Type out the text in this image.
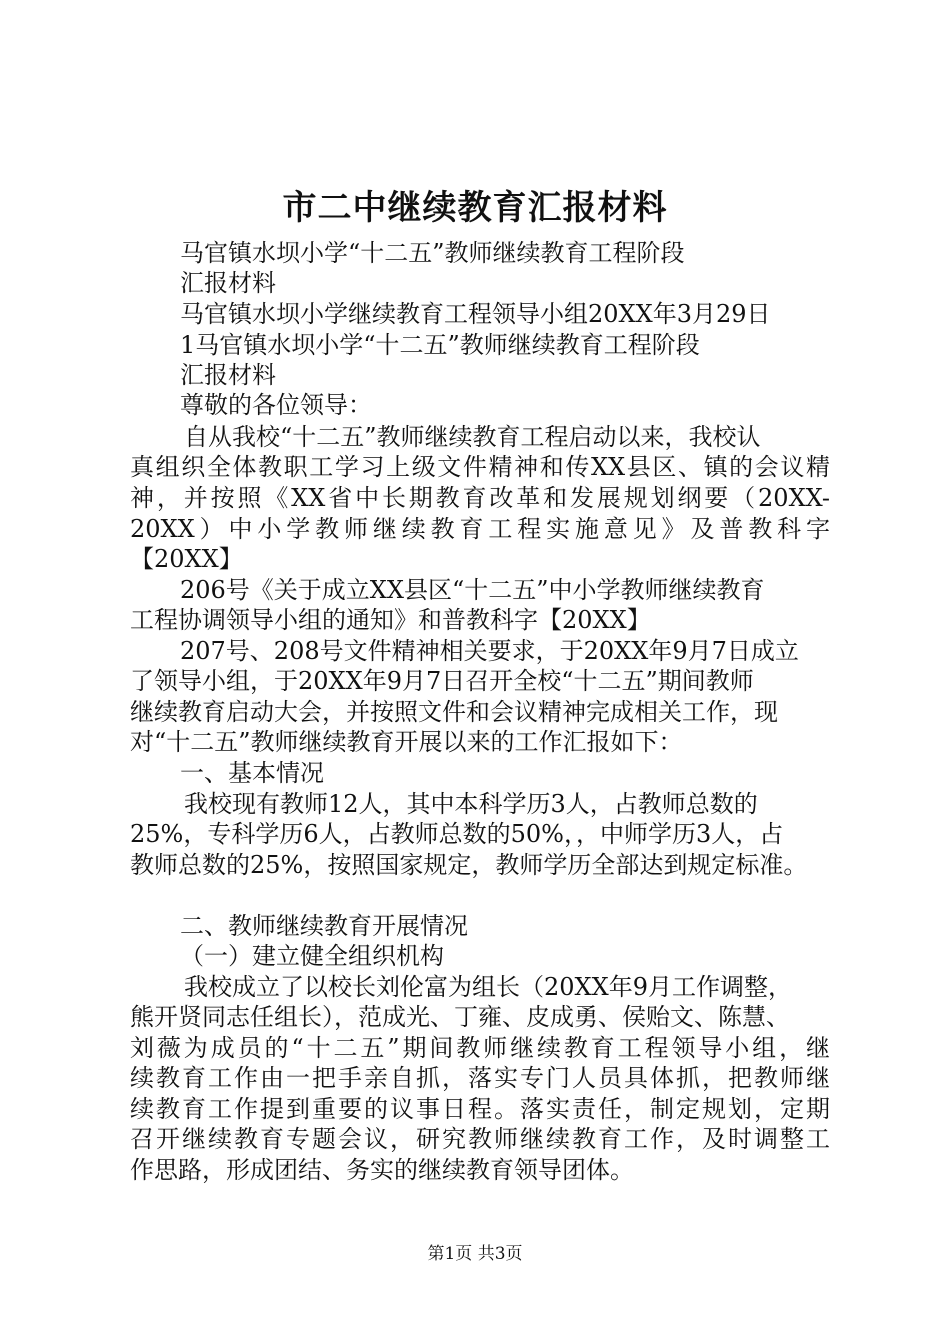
市二中继续教育汇报材料
马官镇水坝小学“十二五”教师继续教育工程阶段
汇报材料
马官镇水坝小学继续教育工程领导小组20XX年3月29日
1马官镇水坝小学“十二五”教师继续教育工程阶段
汇报材料
尊敬的各位领导：
自从我校“十二五”教师继续教育工程启动以来，我校认
真组织全体教职工学习上级文件精神和传XX县区、镇的会议精
神，并按照《XX省中长期教育改革和发展规划纲要（20XX-
20XX）中小学教师继续教育工程实施意见》及普教科字
【20XX】
206号《关于成立XX县区“十二五”中小学教师继续教育
工程协调领导小组的通知》和普教科字【20XX】
207号、208号文件精神相关要求，于20XX年9月7日成立
了领导小组，于20XX年9月7日召开全校“十二五”期间教师
继续教育启动大会，并按照文件和会议精神完成相关工作，现
对“十二五”教师继续教育开展以来的工作汇报如下：
一、基本情况
我校现有教师12人，其中本科学历3人，占教师总数的
25%，专科学历6人，占教师总数的50%，，中师学历3人，占
教师总数的25%，按照国家规定，教师学历全部达到规定标准。
二、教师继续教育开展情况
（一）建立健全组织机构
我校成立了以校长刘伦富为组长（20XX年9月工作调整，
熊开贤同志任组长），范成光、丁雍、皮成勇、侯贻文、陈慧、
刘薇为成员的“十二五”期间教师继续教育工程领导小组，继
续教育工作由一把手亲自抓，落实专门人员具体抓，把教师继
续教育工作提到重要的议事日程。落实责任，制定规划，定期
召开继续教育专题会议，研究教师继续教育工作，及时调整工
作思路，形成团结、务实的继续教育领导团体。
第1页 共3页
